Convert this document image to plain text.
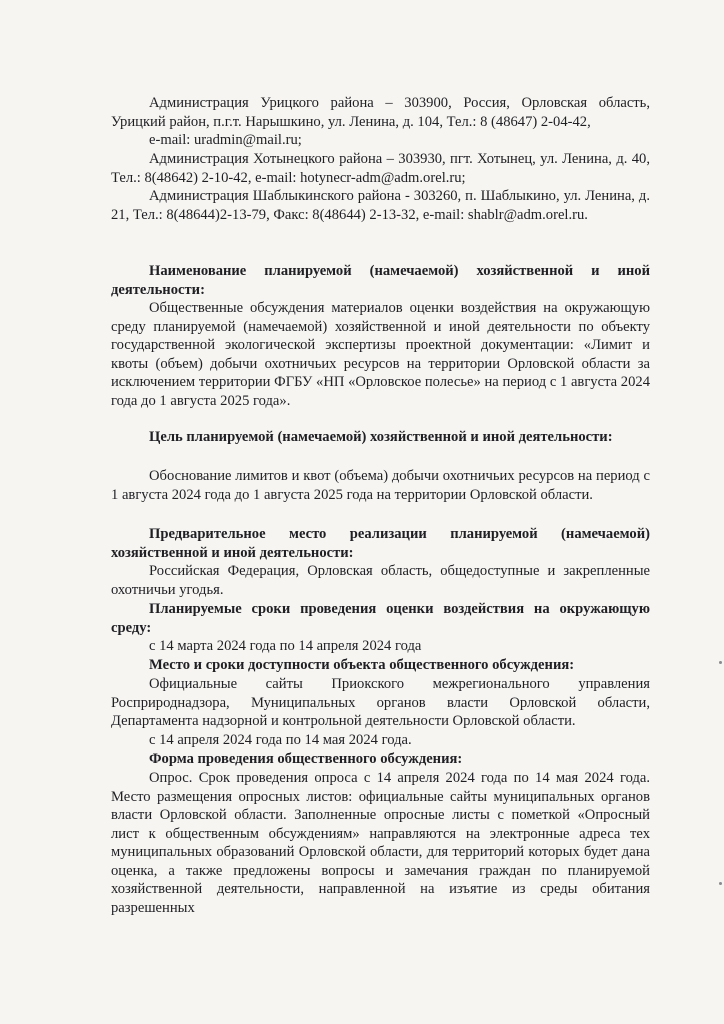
Администрация Урицкого района – 303900, Россия, Орловская область, Урицкий район, п.г.т. Нарышкино, ул. Ленина, д. 104, Тел.: 8 (48647) 2-04-42,

e-mail: uradmin@mail.ru;

Администрация Хотынецкого района – 303930, пгт. Хотынец, ул. Ленина, д. 40, Тел.: 8(48642) 2-10-42, e-mail: hotynecr-adm@adm.orel.ru;

Администрация Шаблыкинского района - 303260, п. Шаблыкино, ул. Ленина, д. 21, Тел.: 8(48644)2-13-79, Факс: 8(48644) 2-13-32, e-mail: shablr@adm.orel.ru.

Наименование планируемой (намечаемой) хозяйственной и иной деятельности:

Общественные обсуждения материалов оценки воздействия на окружающую среду планируемой (намечаемой) хозяйственной и иной деятельности по объекту государственной экологической экспертизы проектной документации: «Лимит и квоты (объем) добычи охотничьих ресурсов на территории Орловской области за исключением территории ФГБУ «НП «Орловское полесье» на период с 1 августа 2024 года до 1 августа 2025 года».

Цель планируемой (намечаемой) хозяйственной и иной деятельности:

Обоснование лимитов и квот (объема) добычи охотничьих ресурсов на период с 1 августа 2024 года до 1 августа 2025 года на территории Орловской области.

Предварительное место реализации планируемой (намечаемой) хозяйственной и иной деятельности:

Российская Федерация, Орловская область, общедоступные и закрепленные охотничьи угодья.

Планируемые сроки проведения оценки воздействия на окружающую среду:

с 14 марта 2024 года по 14 апреля 2024 года

Место и сроки доступности объекта общественного обсуждения:

Официальные сайты Приокского межрегионального управления Росприроднадзора, Муниципальных органов власти Орловской области, Департамента надзорной и контрольной деятельности Орловской области.

с 14 апреля 2024 года по 14 мая 2024 года.

Форма проведения общественного обсуждения:

Опрос. Срок проведения опроса с 14 апреля 2024 года по 14 мая 2024 года. Место размещения опросных листов: официальные сайты муниципальных органов власти Орловской области. Заполненные опросные листы с пометкой «Опросный лист к общественным обсуждениям» направляются на электронные адреса тех муниципальных образований Орловской области, для территорий которых будет дана оценка, а также предложены вопросы и замечания граждан по планируемой хозяйственной деятельности, направленной на изъятие из среды обитания разрешенных
